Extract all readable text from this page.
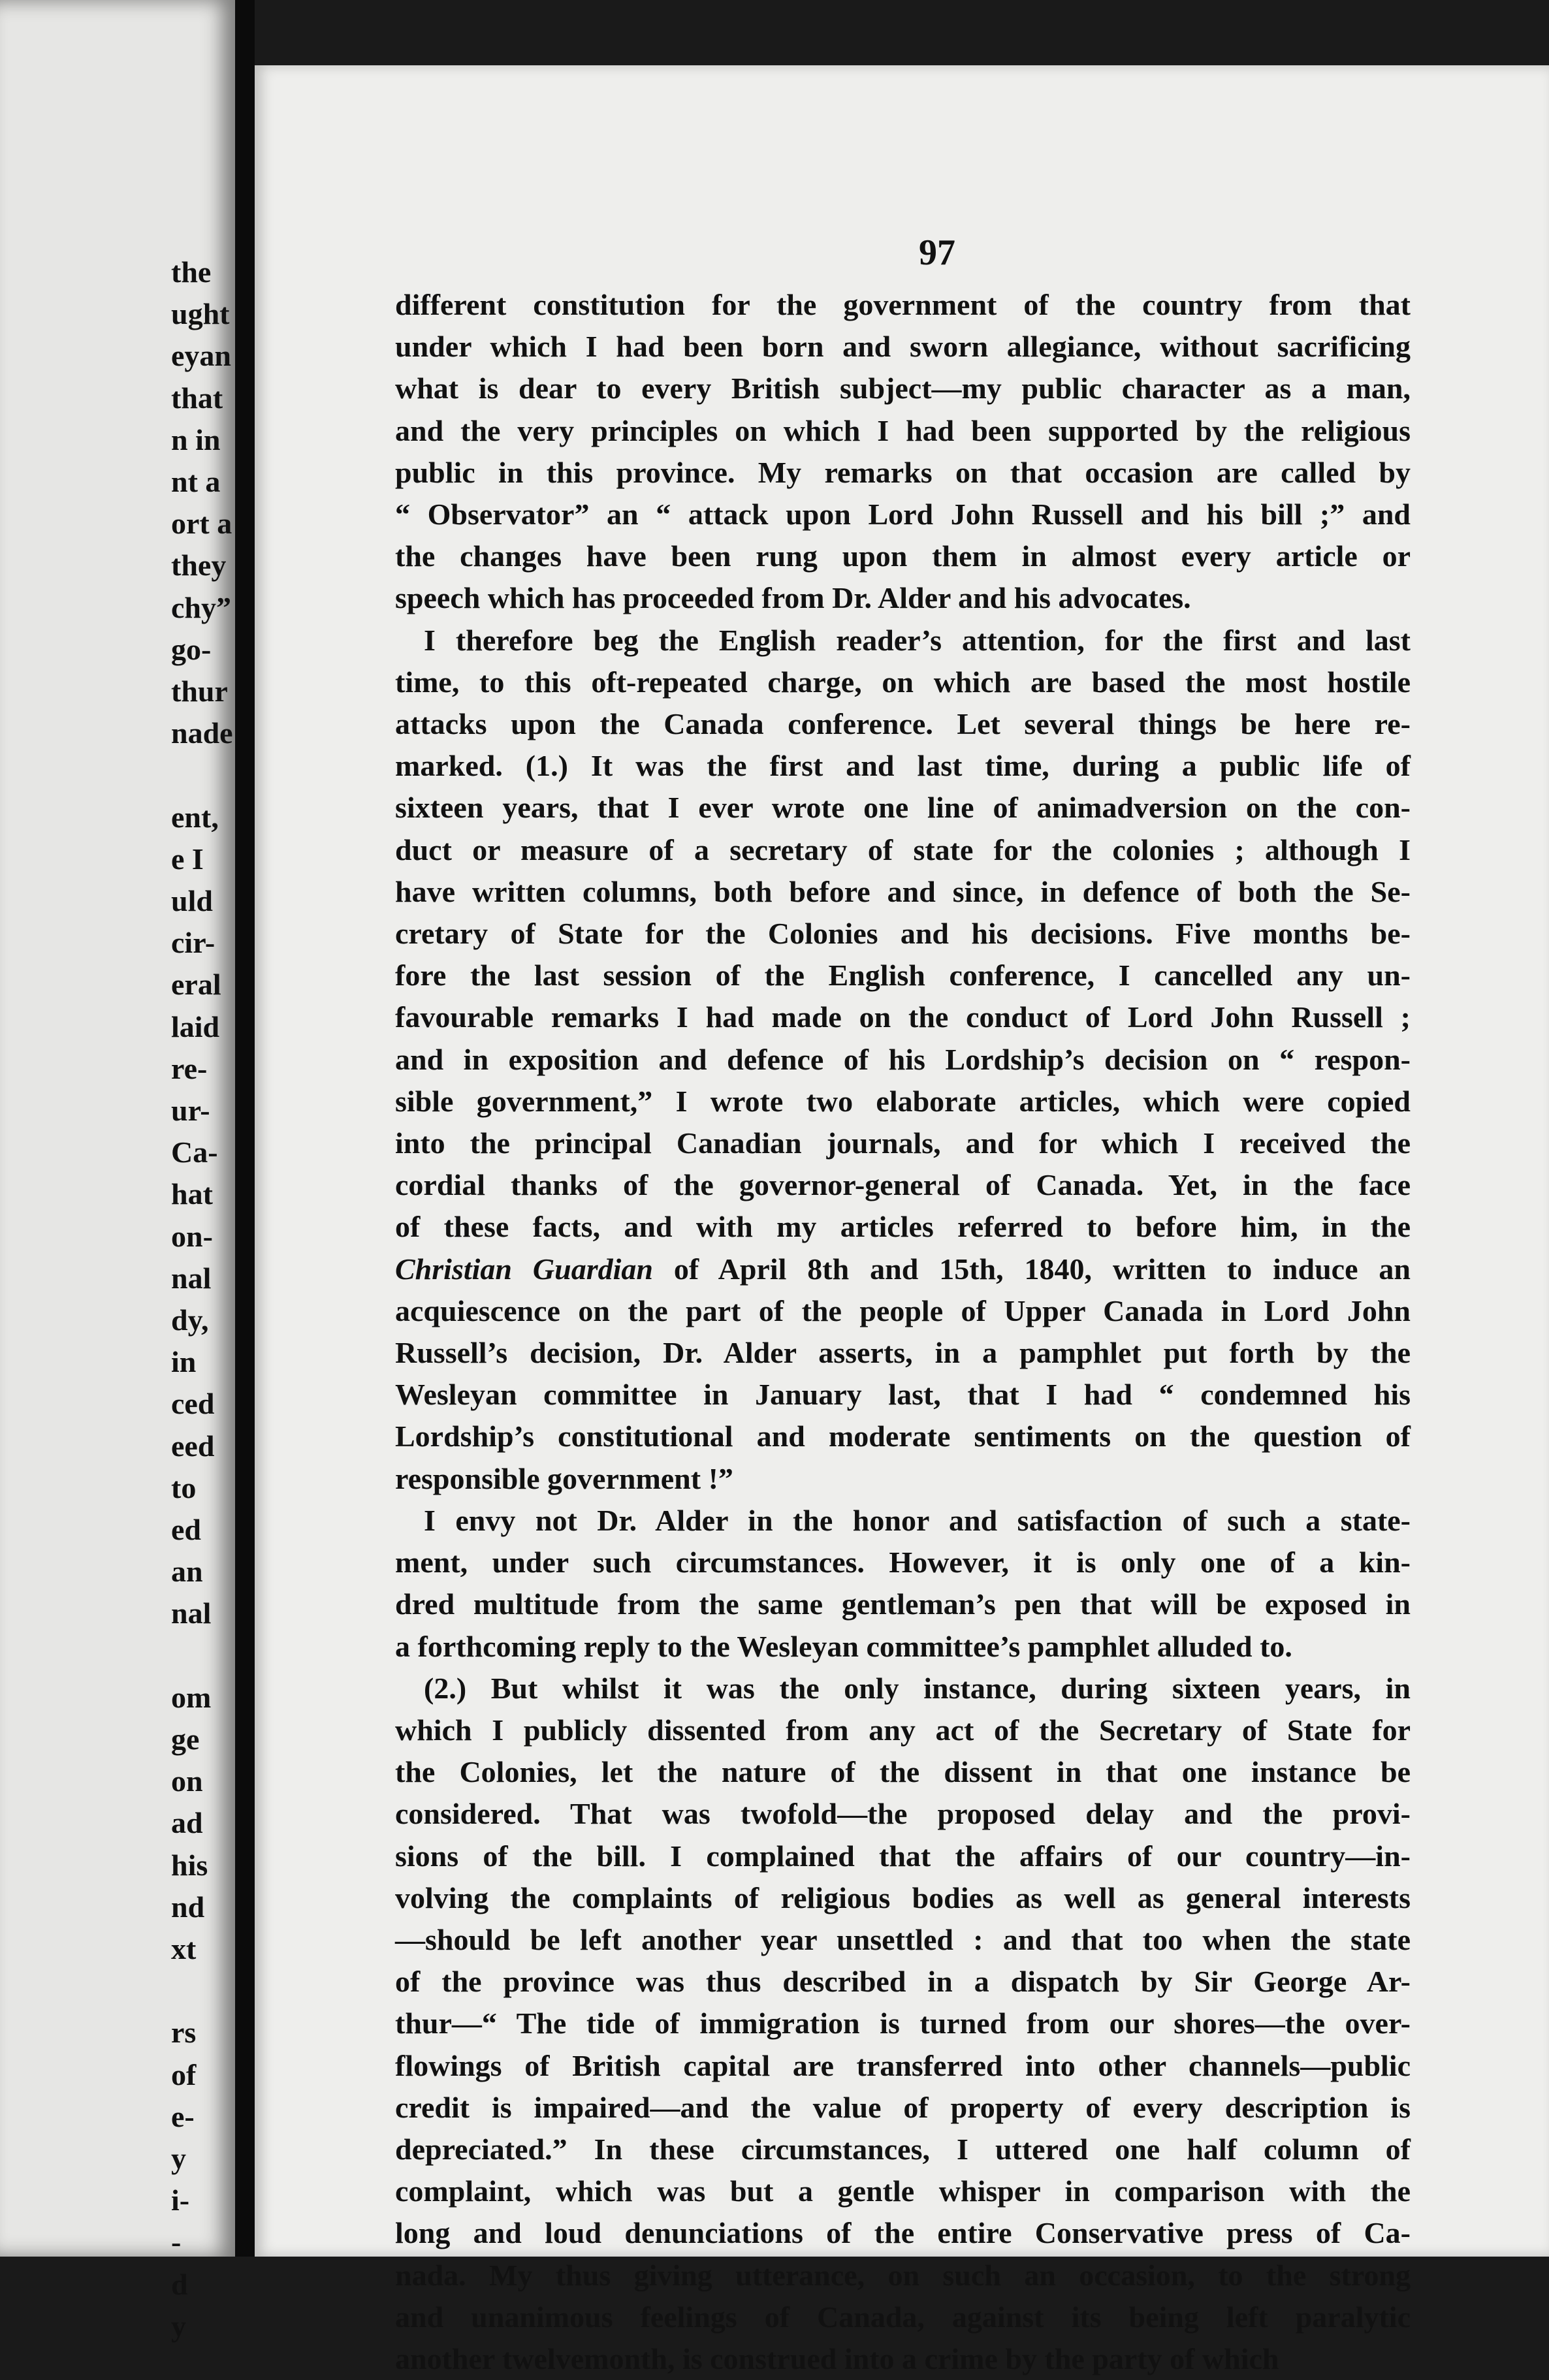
the
ught
eyan
that
n in
nt a
ort a
they
chy”
go-
thur
nade
ent,
e I
uld
cir-
eral
laid
re-
ur-
Ca-
hat
on-
nal
dy,
in
ced
eed
to
ed
an
nal
om
ge
on
ad
his
nd
xt
rs
of
e-
y
i-
-
d
y
97
different constitution for the government of the country from that
under which I had been born and sworn allegiance, without sacrificing
what is dear to every British subject—my public character as a man,
and the very principles on which I had been supported by the religious
public in this province. My remarks on that occasion are called by
“ Observator” an “ attack upon Lord John Russell and his bill ;” and
the changes have been rung upon them in almost every article or
speech which has proceeded from Dr. Alder and his advocates.
I therefore beg the English reader’s attention, for the first and last
time, to this oft-repeated charge, on which are based the most hostile
attacks upon the Canada conference. Let several things be here re-
marked. (1.) It was the first and last time, during a public life of
sixteen years, that I ever wrote one line of animadversion on the con-
duct or measure of a secretary of state for the colonies ; although I
have written columns, both before and since, in defence of both the Se-
cretary of State for the Colonies and his decisions. Five months be-
fore the last session of the English conference, I cancelled any un-
favourable remarks I had made on the conduct of Lord John Russell ;
and in exposition and defence of his Lordship’s decision on “ respon-
sible government,” I wrote two elaborate articles, which were copied
into the principal Canadian journals, and for which I received the
cordial thanks of the governor-general of Canada. Yet, in the face
of these facts, and with my articles referred to before him, in the
Christian Guardian of April 8th and 15th, 1840, written to induce an
acquiescence on the part of the people of Upper Canada in Lord John
Russell’s decision, Dr. Alder asserts, in a pamphlet put forth by the
Wesleyan committee in January last, that I had “ condemned his
Lordship’s constitutional and moderate sentiments on the question of
responsible government !”
I envy not Dr. Alder in the honor and satisfaction of such a state-
ment, under such circumstances. However, it is only one of a kin-
dred multitude from the same gentleman’s pen that will be exposed in
a forthcoming reply to the Wesleyan committee’s pamphlet alluded to.
(2.) But whilst it was the only instance, during sixteen years, in
which I publicly dissented from any act of the Secretary of State for
the Colonies, let the nature of the dissent in that one instance be
considered. That was twofold—the proposed delay and the provi-
sions of the bill. I complained that the affairs of our country—in-
volving the complaints of religious bodies as well as general interests
—should be left another year unsettled : and that too when the state
of the province was thus described in a dispatch by Sir George Ar-
thur—“ The tide of immigration is turned from our shores—the over-
flowings of British capital are transferred into other channels—public
credit is impaired—and the value of property of every description is
depreciated.” In these circumstances, I uttered one half column of
complaint, which was but a gentle whisper in comparison with the
long and loud denunciations of the entire Conservative press of Ca-
nada. My thus giving utterance, on such an occasion, to the strong
and unanimous feelings of Canada, against its being left paralytic
another twelvemonth, is construed into a crime by the party of which
